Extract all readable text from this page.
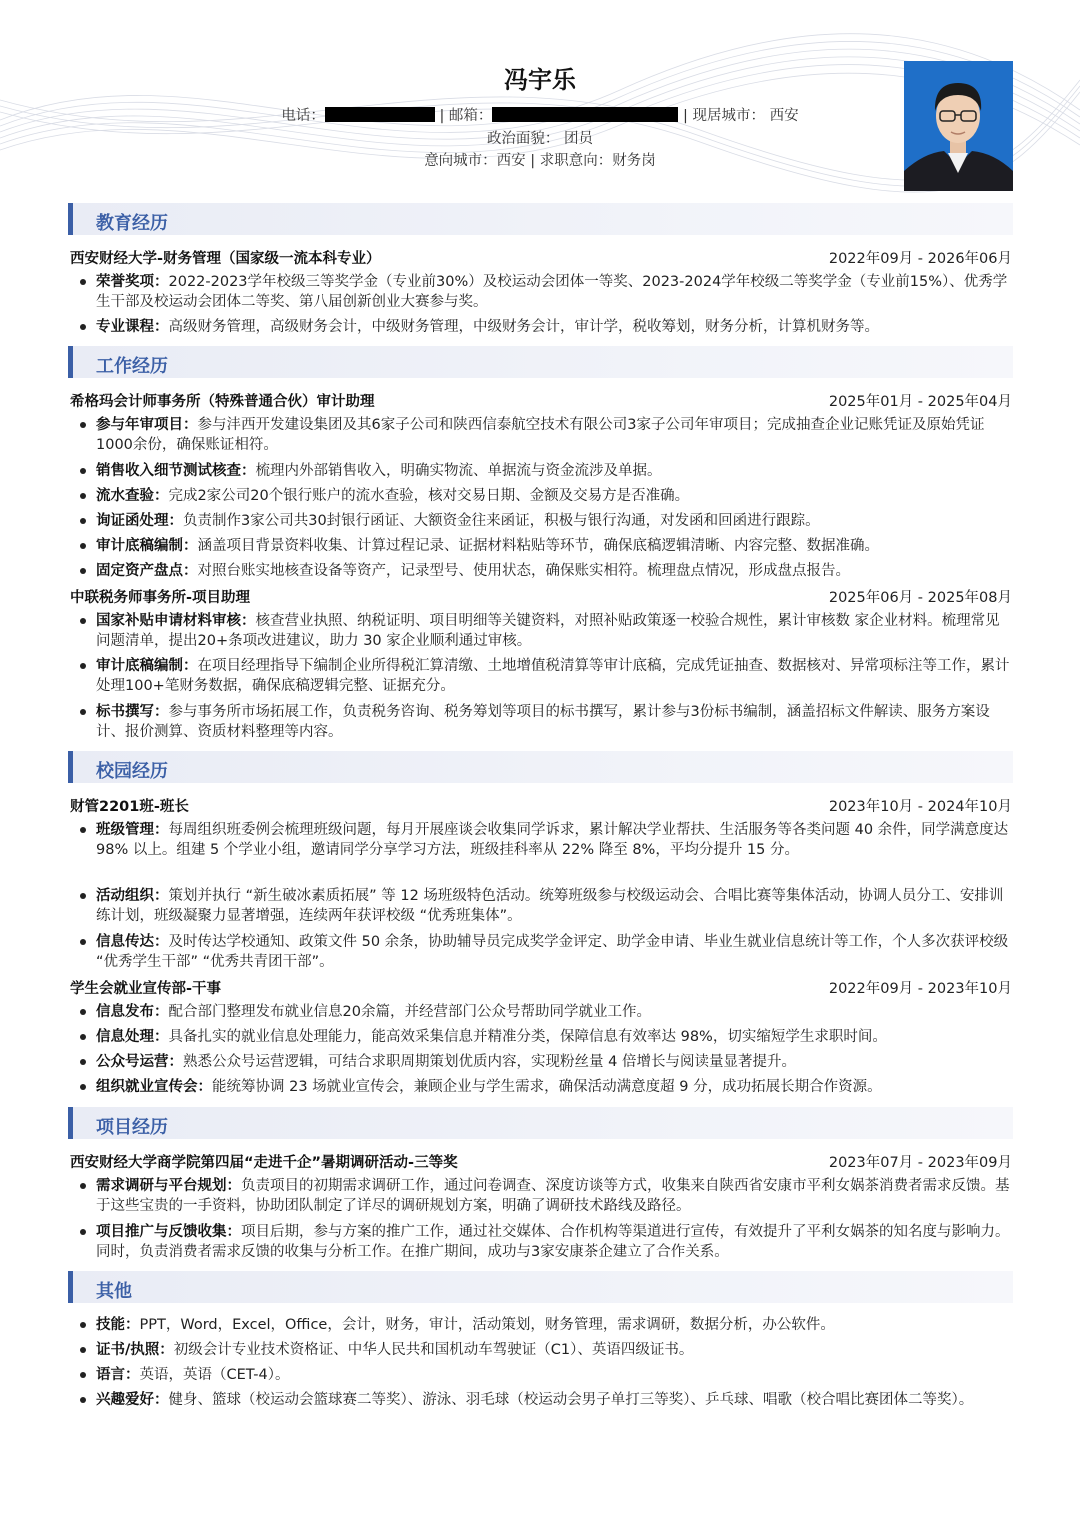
冯宇乐
电话：	| 邮箱：	| 现居城市： 西安
政治面貌： 团员
意向城市：西安 | 求职意向：财务岗
教育经历
西安财经大学-财务管理（国家级一流本科专业）	2022年09月 - 2026年06月
荣誉奖项：2022-2023学年校级三等奖学金（专业前30%）及校运动会团体一等奖、2023-2024学年校级二等奖学金（专业前15%）、优秀学生干部及校运动会团体二等奖、第八届创新创业大赛参与奖。
专业课程：高级财务管理，高级财务会计，中级财务管理，中级财务会计，审计学，税收筹划，财务分析，计算机财务等。
工作经历
希格玛会计师事务所（特殊普通合伙）审计助理	2025年01月 - 2025年04月
参与年审项目：参与沣西开发建设集团及其6家子公司和陕西信泰航空技术有限公司3家子公司年审项目；完成抽查企业记账凭证及原始凭证1000余份，确保账证相符。
销售收入细节测试核查：梳理内外部销售收入，明确实物流、单据流与资金流涉及单据。
流水查验：完成2家公司20个银行账户的流水查验，核对交易日期、金额及交易方是否准确。
询证函处理：负责制作3家公司共30封银行函证、大额资金往来函证，积极与银行沟通，对发函和回函进行跟踪。
审计底稿编制：涵盖项目背景资料收集、计算过程记录、证据材料粘贴等环节，确保底稿逻辑清晰、内容完整、数据准确。
固定资产盘点：对照台账实地核查设备等资产，记录型号、使用状态，确保账实相符。梳理盘点情况，形成盘点报告。
中联税务师事务所-项目助理	2025年06月 - 2025年08月
国家补贴申请材料审核：核查营业执照、纳税证明、项目明细等关键资料，对照补贴政策逐一校验合规性，累计审核数 家企业材料。梳理常见问题清单，提出20+条项改进建议，助力 30 家企业顺利通过审核。
审计底稿编制：在项目经理指导下编制企业所得税汇算清缴、土地增值税清算等审计底稿，完成凭证抽查、数据核对、异常项标注等工作，累计处理100+笔财务数据，确保底稿逻辑完整、证据充分。
标书撰写：参与事务所市场拓展工作，负责税务咨询、税务筹划等项目的标书撰写，累计参与3份标书编制，涵盖招标文件解读、服务方案设计、报价测算、资质材料整理等内容。
校园经历
财管2201班-班长	2023年10月 - 2024年10月
班级管理：每周组织班委例会梳理班级问题，每月开展座谈会收集同学诉求，累计解决学业帮扶、生活服务等各类问题 40 余件，同学满意度达 98% 以上。组建 5 个学业小组，邀请同学分享学习方法，班级挂科率从 22% 降至 8%，平均分提升 15 分。
活动组织：策划并执行 “新生破冰素质拓展” 等 12 场班级特色活动。统筹班级参与校级运动会、合唱比赛等集体活动，协调人员分工、安排训练计划，班级凝聚力显著增强，连续两年获评校级 “优秀班集体”。
信息传达：及时传达学校通知、政策文件 50 余条，协助辅导员完成奖学金评定、助学金申请、毕业生就业信息统计等工作，个人多次获评校级 “优秀学生干部” “优秀共青团干部”。
学生会就业宣传部-干事	2022年09月 - 2023年10月
信息发布：配合部门整理发布就业信息20余篇，并经营部门公众号帮助同学就业工作。
信息处理：具备扎实的就业信息处理能力，能高效采集信息并精准分类，保障信息有效率达 98%，切实缩短学生求职时间。
公众号运营：熟悉公众号运营逻辑，可结合求职周期策划优质内容，实现粉丝量 4 倍增长与阅读量显著提升。
组织就业宣传会：能统筹协调 23 场就业宣传会，兼顾企业与学生需求，确保活动满意度超 9 分，成功拓展长期合作资源。
项目经历
西安财经大学商学院第四届“走进千企”暑期调研活动-三等奖	2023年07月 - 2023年09月
需求调研与平台规划：负责项目的初期需求调研工作，通过问卷调查、深度访谈等方式，收集来自陕西省安康市平利女娲茶消费者需求反馈。基于这些宝贵的一手资料，协助团队制定了详尽的调研规划方案，明确了调研技术路线及路径。
项目推广与反馈收集：项目后期，参与方案的推广工作，通过社交媒体、合作机构等渠道进行宣传，有效提升了平利女娲茶的知名度与影响力。同时，负责消费者需求反馈的收集与分析工作。在推广期间，成功与3家安康茶企建立了合作关系。
其他
技能：PPT，Word，Excel，Office，会计，财务，审计，活动策划，财务管理，需求调研，数据分析，办公软件。
证书/执照：初级会计专业技术资格证、中华人民共和国机动车驾驶证（C1）、英语四级证书。
语言：英语，英语（CET-4）。
兴趣爱好：健身、篮球（校运动会篮球赛二等奖）、游泳、羽毛球（校运动会男子单打三等奖）、乒乓球、唱歌（校合唱比赛团体二等奖）。
